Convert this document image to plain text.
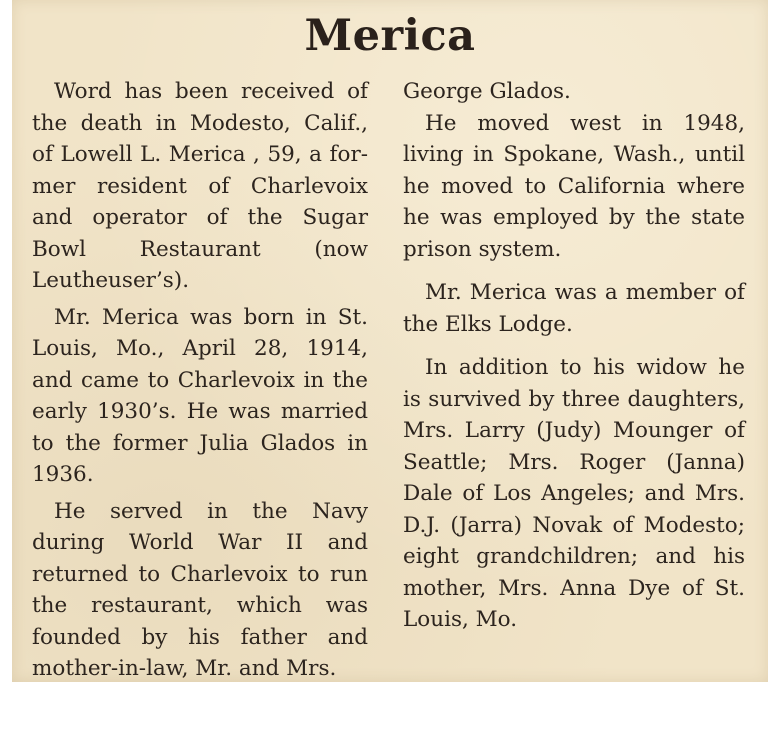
Merica

Word has been received of the death in Modesto, Calif., of Lowell L. Merica , 59, a former resident of Charlevoix and operator of the Sugar Bowl Restaurant (now Leutheuser’s).

Mr. Merica was born in St. Louis, Mo., April 28, 1914, and came to Charlevoix in the early 1930’s. He was married to the former Julia Glados in 1936.

He served in the Navy during World War II and returned to Charlevoix to run the restaurant, which was founded by his father and mother-in-law, Mr. and Mrs.

George Glados.

He moved west in 1948, living in Spokane, Wash., until he moved to California where he was employed by the state prison system.

Mr. Merica was a member of the Elks Lodge.

In addition to his widow he is survived by three daughters, Mrs. Larry (Judy) Mounger of Seattle; Mrs. Roger (Janna) Dale of Los Angeles; and Mrs. D.J. (Jarra) Novak of Modesto; eight grandchildren; and his mother, Mrs. Anna Dye of St. Louis, Mo.
